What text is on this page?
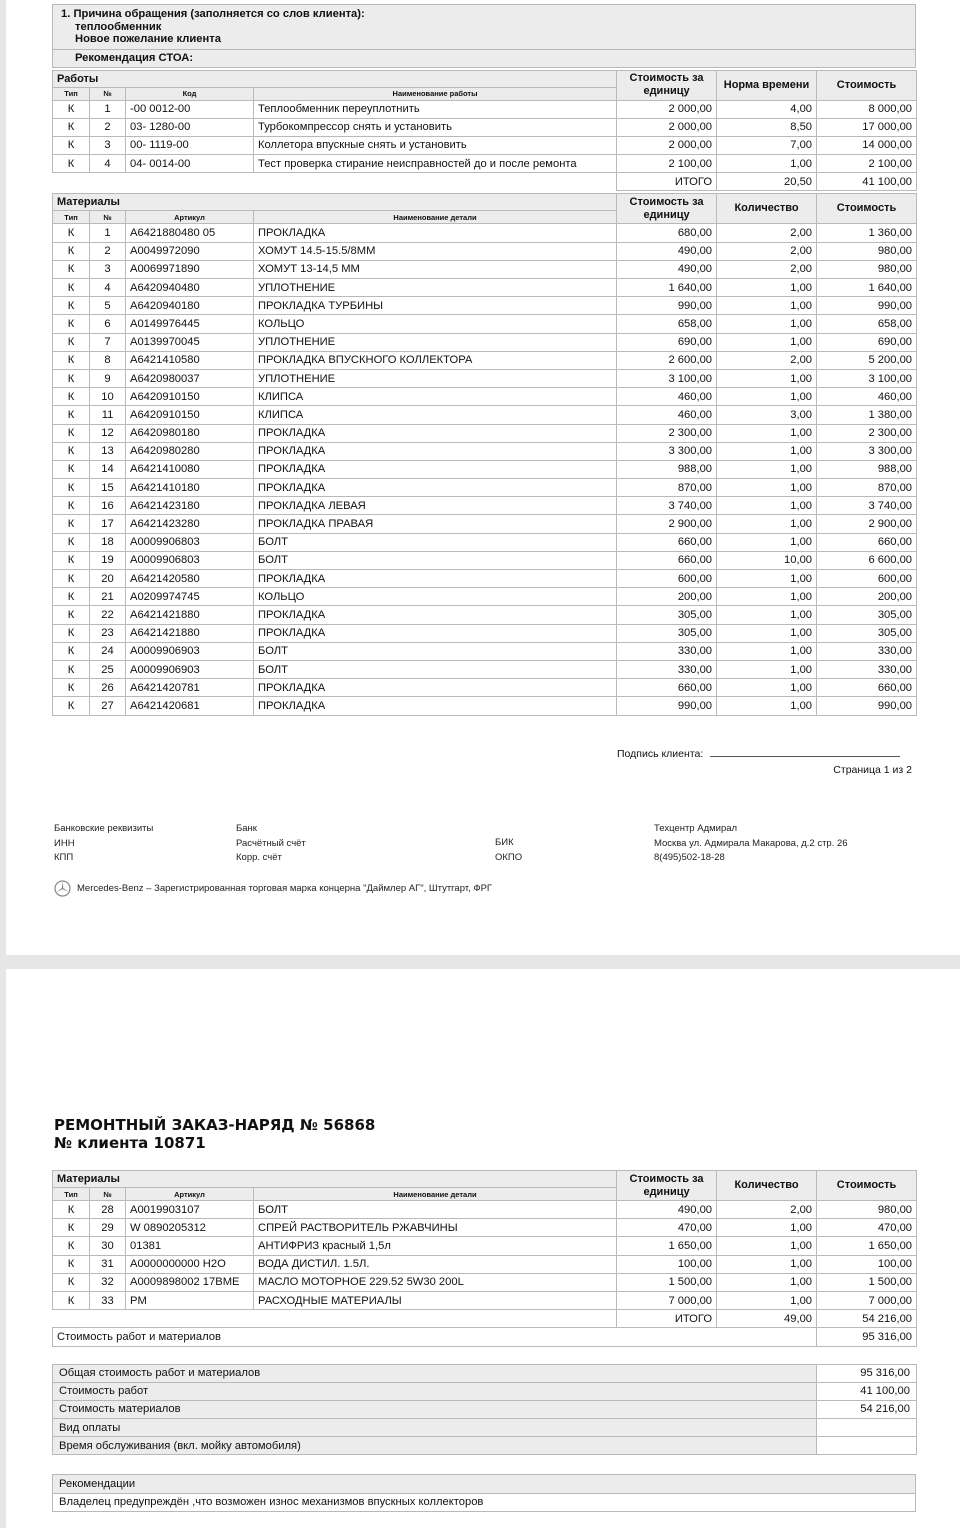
1. Причина обращения (заполняется со слов клиента):
теплообменник
Новое пожелание клиента
Рекомендация СТОА:
Работы				Стоимость за единицу	Норма времени	Стоимость
Тип	№	Код	Наименование работы			
К	1	-00 0012-00	Теплообменник переуплотнить	2 000,00	4,00	8 000,00
К	2	03- 1280-00	Турбокомпрессор снять и установить	2 000,00	8,50	17 000,00
К	3	00- 1119-00	Коллетора впускные снять и установить	2 000,00	7,00	14 000,00
К	4	04- 0014-00	Тест проверка стирание неисправностей до и после ремонта	2 100,00	1,00	2 100,00
				ИТОГО	20,50	41 100,00
Материалы				Стоимость за единицу	Количество	Стоимость
Тип	№	Артикул	Наименование детали			
К	1	A6421880480 05	ПРОКЛАДКА	680,00	2,00	1 360,00
К	2	A0049972090	ХОМУТ 14.5-15.5/8ММ	490,00	2,00	980,00
К	3	A0069971890	ХОМУТ 13-14,5 ММ	490,00	2,00	980,00
К	4	A6420940480	УПЛОТНЕНИЕ	1 640,00	1,00	1 640,00
К	5	A6420940180	ПРОКЛАДКА ТУРБИНЫ	990,00	1,00	990,00
К	6	A0149976445	КОЛЬЦО	658,00	1,00	658,00
К	7	A0139970045	УПЛОТНЕНИЕ	690,00	1,00	690,00
К	8	A6421410580	ПРОКЛАДКА ВПУСКНОГО КОЛЛЕКТОРА	2 600,00	2,00	5 200,00
К	9	A6420980037	УПЛОТНЕНИЕ	3 100,00	1,00	3 100,00
К	10	A6420910150	КЛИПСА	460,00	1,00	460,00
К	11	A6420910150	КЛИПСА	460,00	3,00	1 380,00
К	12	A6420980180	ПРОКЛАДКА	2 300,00	1,00	2 300,00
К	13	A6420980280	ПРОКЛАДКА	3 300,00	1,00	3 300,00
К	14	A6421410080	ПРОКЛАДКА	988,00	1,00	988,00
К	15	A6421410180	ПРОКЛАДКА	870,00	1,00	870,00
К	16	A6421423180	ПРОКЛАДКА ЛЕВАЯ	3 740,00	1,00	3 740,00
К	17	A6421423280	ПРОКЛАДКА ПРАВАЯ	2 900,00	1,00	2 900,00
К	18	A0009906803	БОЛТ	660,00	1,00	660,00
К	19	A0009906803	БОЛТ	660,00	10,00	6 600,00
К	20	A6421420580	ПРОКЛАДКА	600,00	1,00	600,00
К	21	A0209974745	КОЛЬЦО	200,00	1,00	200,00
К	22	A6421421880	ПРОКЛАДКА	305,00	1,00	305,00
К	23	A6421421880	ПРОКЛАДКА	305,00	1,00	305,00
К	24	A0009906903	БОЛТ	330,00	1,00	330,00
К	25	A0009906903	БОЛТ	330,00	1,00	330,00
К	26	A6421420781	ПРОКЛАДКА	660,00	1,00	660,00
К	27	A6421420681	ПРОКЛАДКА	990,00	1,00	990,00
Подпись клиента:
Страница 1 из 2
Банковские реквизиты
ИНН
КПП
Банк
Расчётный счёт
Корр. счёт
БИК
ОКПО
Техцентр Адмирал
Москва ул. Адмирала Макарова, д.2 стр. 26
8(495)502-18-28
Mercedes-Benz – Зарегистрированная торговая марка концерна "Даймлер АГ", Штутгарт, ФРГ
РЕМОНТНЫЙ ЗАКАЗ-НАРЯД № 56868
№ клиента 10871
Материалы				Стоимость за единицу	Количество	Стоимость
Тип	№	Артикул	Наименование детали			
К	28	A0019903107	БОЛТ	490,00	2,00	980,00
К	29	W 0890205312	СПРЕЙ РАСТВОРИТЕЛЬ РЖАВЧИНЫ	470,00	1,00	470,00
К	30	01381	АНТИФРИЗ красный 1,5л	1 650,00	1,00	1 650,00
К	31	A0000000000 H2O	ВОДА ДИСТИЛ. 1.5Л.	100,00	1,00	100,00
К	32	A0009898002 17BME	МАСЛО МОТОРНОЕ 229.52 5W30 200L	1 500,00	1,00	1 500,00
К	33	PM	РАСХОДНЫЕ МАТЕРИАЛЫ	7 000,00	1,00	7 000,00
				ИТОГО	49,00	54 216,00
Стоимость работ и материалов						95 316,00
Общая стоимость работ и материалов	95 316,00
Стоимость работ	41 100,00
Стоимость материалов	54 216,00
Вид оплаты	
Время обслуживания (вкл. мойку автомобиля)	
Рекомендации
Владелец предупреждён ,что возможен износ механизмов впускных коллекторов
